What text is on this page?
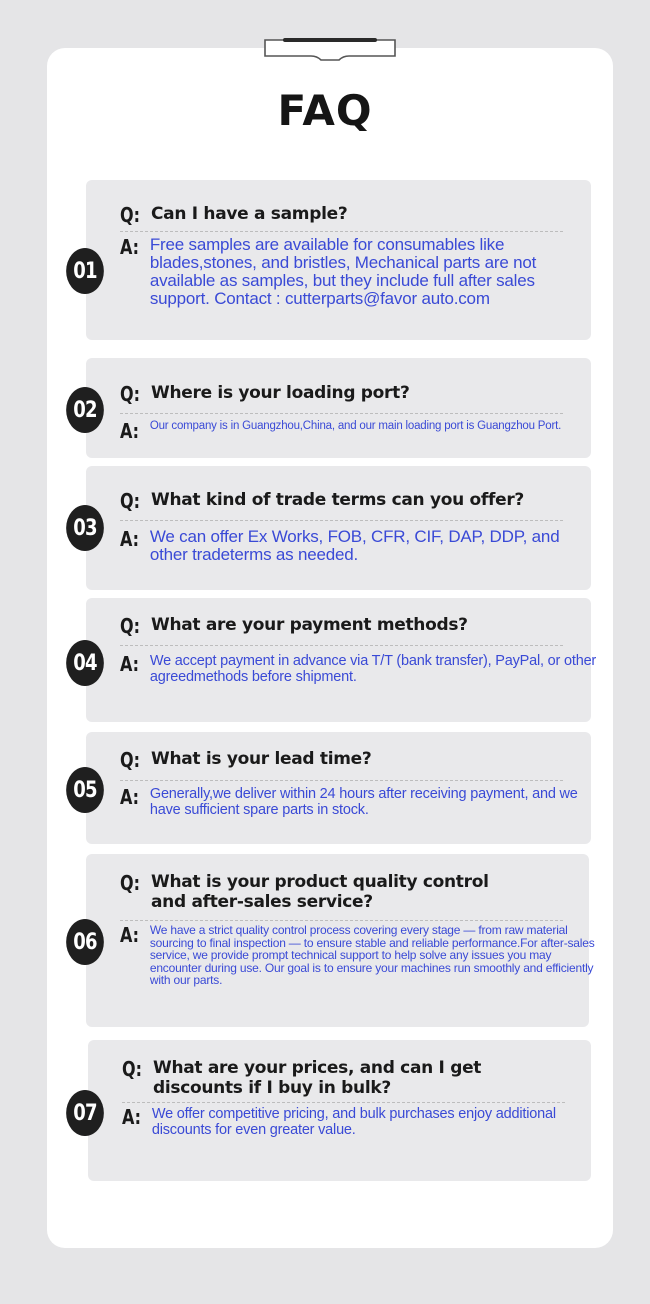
FAQ
Q: Can I have a sample?
A: Free samples are available for consumables like blades,stones, and bristles, Mechanical parts are not available as samples, but they include full after sales support. Contact : cutterparts@favor auto.com
Q: Where is your loading port?
A: Our company is in Guangzhou,China, and our main loading port is Guangzhou Port.
Q: What kind of trade terms can you offer?
A: We can offer Ex Works, FOB, CFR, CIF, DAP, DDP, and other tradeterms as needed.
Q: What are your payment methods?
A: We accept payment in advance via T/T (bank transfer), PayPal, or other agreedmethods before shipment.
Q: What is your lead time?
A: Generally,we deliver within 24 hours after receiving payment, and we have sufficient spare parts in stock.
Q: What is your product quality control and after-sales service?
A: We have a strict quality control process covering every stage — from raw material sourcing to final inspection — to ensure stable and reliable performance.For after-sales service, we provide prompt technical support to help solve any issues you may encounter during use. Our goal is to ensure your machines run smoothly and efficiently with our parts.
Q: What are your prices, and can I get discounts if I buy in bulk?
A: We offer competitive pricing, and bulk purchases enjoy additional discounts for even greater value.
01
02
03
04
05
06
07
